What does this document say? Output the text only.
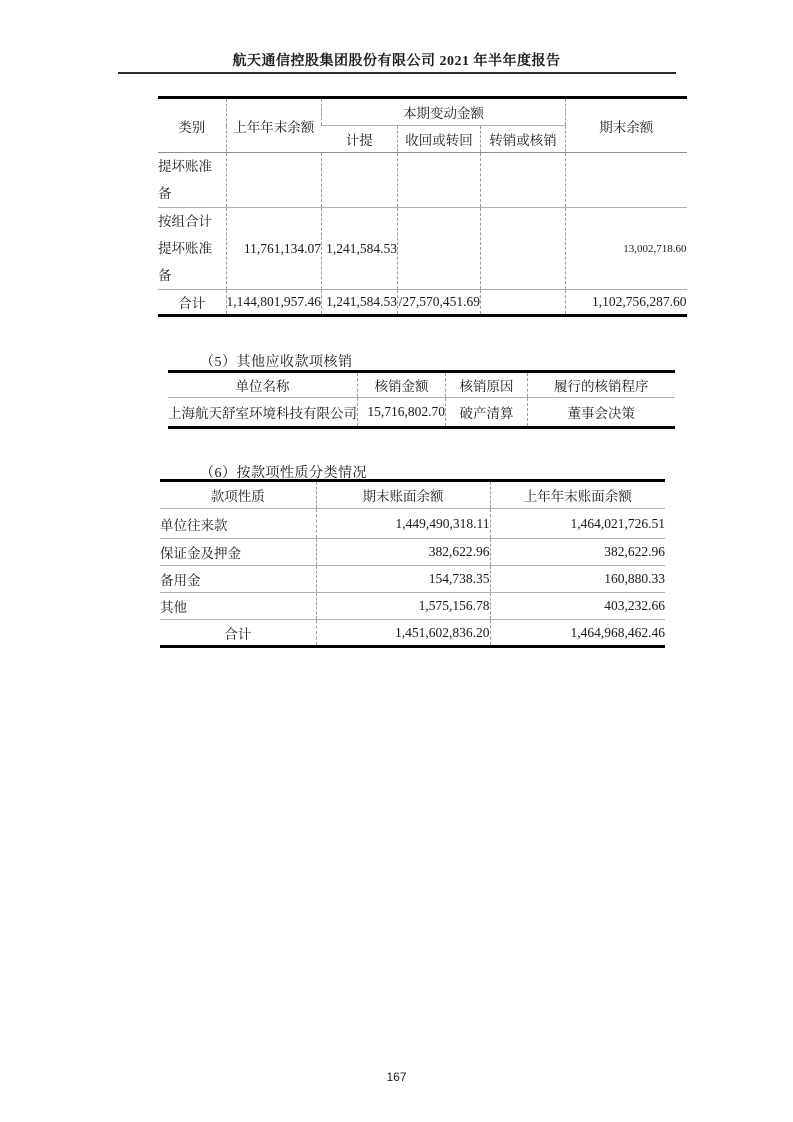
航天通信控股集团股份有限公司 2021 年半年度报告
类别	上年年末余额	本期变动金额			期末余额
		计提	收回或转回	转销或核销	

提坏账准
备					

按组合计
提坏账准
备	11,761,134.07	1,241,584.53			13,002,718.60
合计	1,144,801,957.46	1,241,584.53	/27,570,451.69		1,102,756,287.60
（5）其他应收款项核销
单位名称	核销金额	核销原因	履行的核销程序
上海航天舒室环境科技有限公司	15,716,802.70	破产清算	董事会决策
（6）按款项性质分类情况
款项性质	期末账面余额	上年年末账面余额
单位往来款	1,449,490,318.11	1,464,021,726.51
保证金及押金	382,622.96	382,622.96
备用金	154,738.35	160,880.33
其他	1,575,156.78	403,232.66
合计	1,451,602,836.20	1,464,968,462.46
167
